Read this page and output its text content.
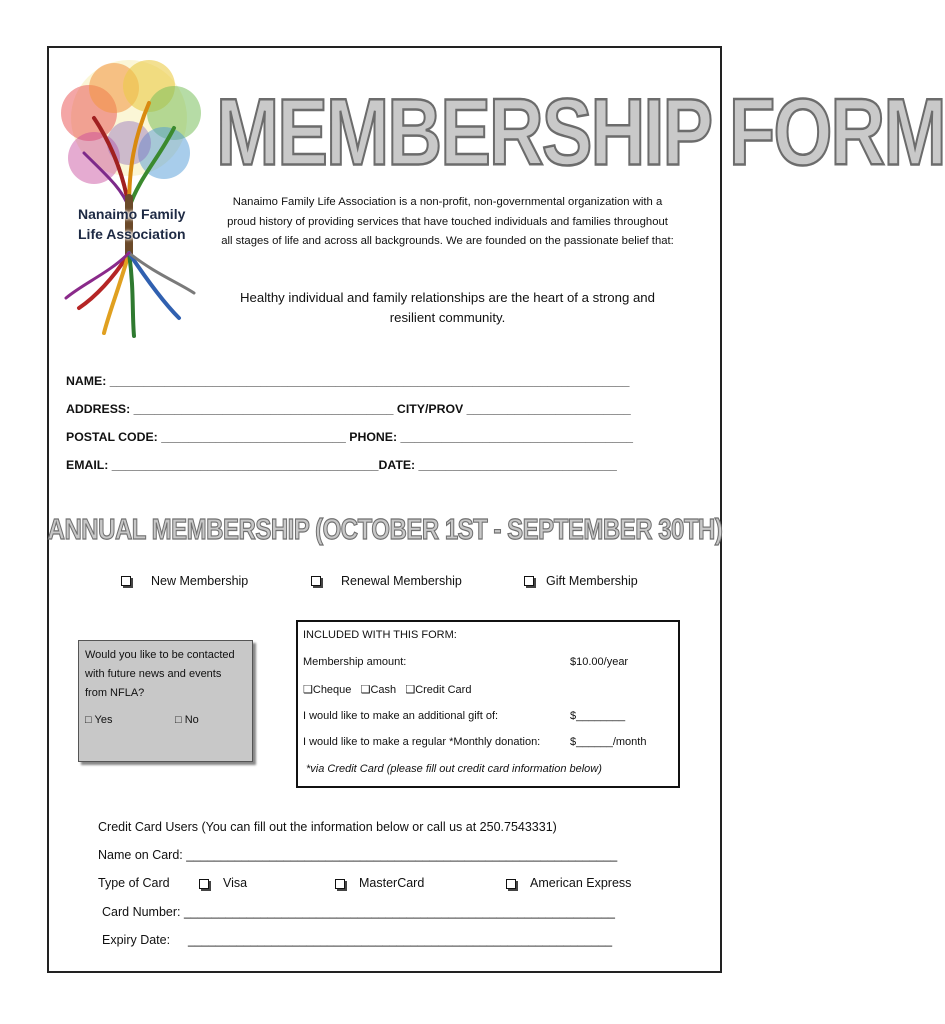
Nanaimo Family
Life Association
MEMBERSHIP FORM
Nanaimo Family Life Association is a non-profit, non-governmental organization with a proud history of providing services that have touched individuals and families throughout all stages of life and across all backgrounds. We are founded on the passionate belief that:
Healthy individual and family relationships are the heart of a strong and resilient community.
NAME: ____________________________________________________________________________
ADDRESS: ______________________________________ CITY/PROV ________________________
POSTAL CODE: ___________________________ PHONE: __________________________________
EMAIL: _______________________________________DATE: _____________________________
ANNUAL MEMBERSHIP (OCTOBER 1ST - SEPTEMBER 30TH)
New Membership	Renewal Membership	Gift Membership
Would you like to be contacted with future news and events from NFLA?
□ Yes	□ No
INCLUDED WITH THIS FORM:
Membership amount:	$10.00/year
❑Cheque ❑Cash ❑Credit Card
I would like to make an additional gift of:	$________
I would like to make a regular *Monthly donation:	$______/month
*via Credit Card (please fill out credit card information below)
Credit Card Users (You can fill out the information below or call us at 250.7543331)
Name on Card: ______________________________________________________________
Type of Card	Visa	MasterCard	American Express
Card Number: ______________________________________________________________
Expiry Date: _____________________________________________________________
